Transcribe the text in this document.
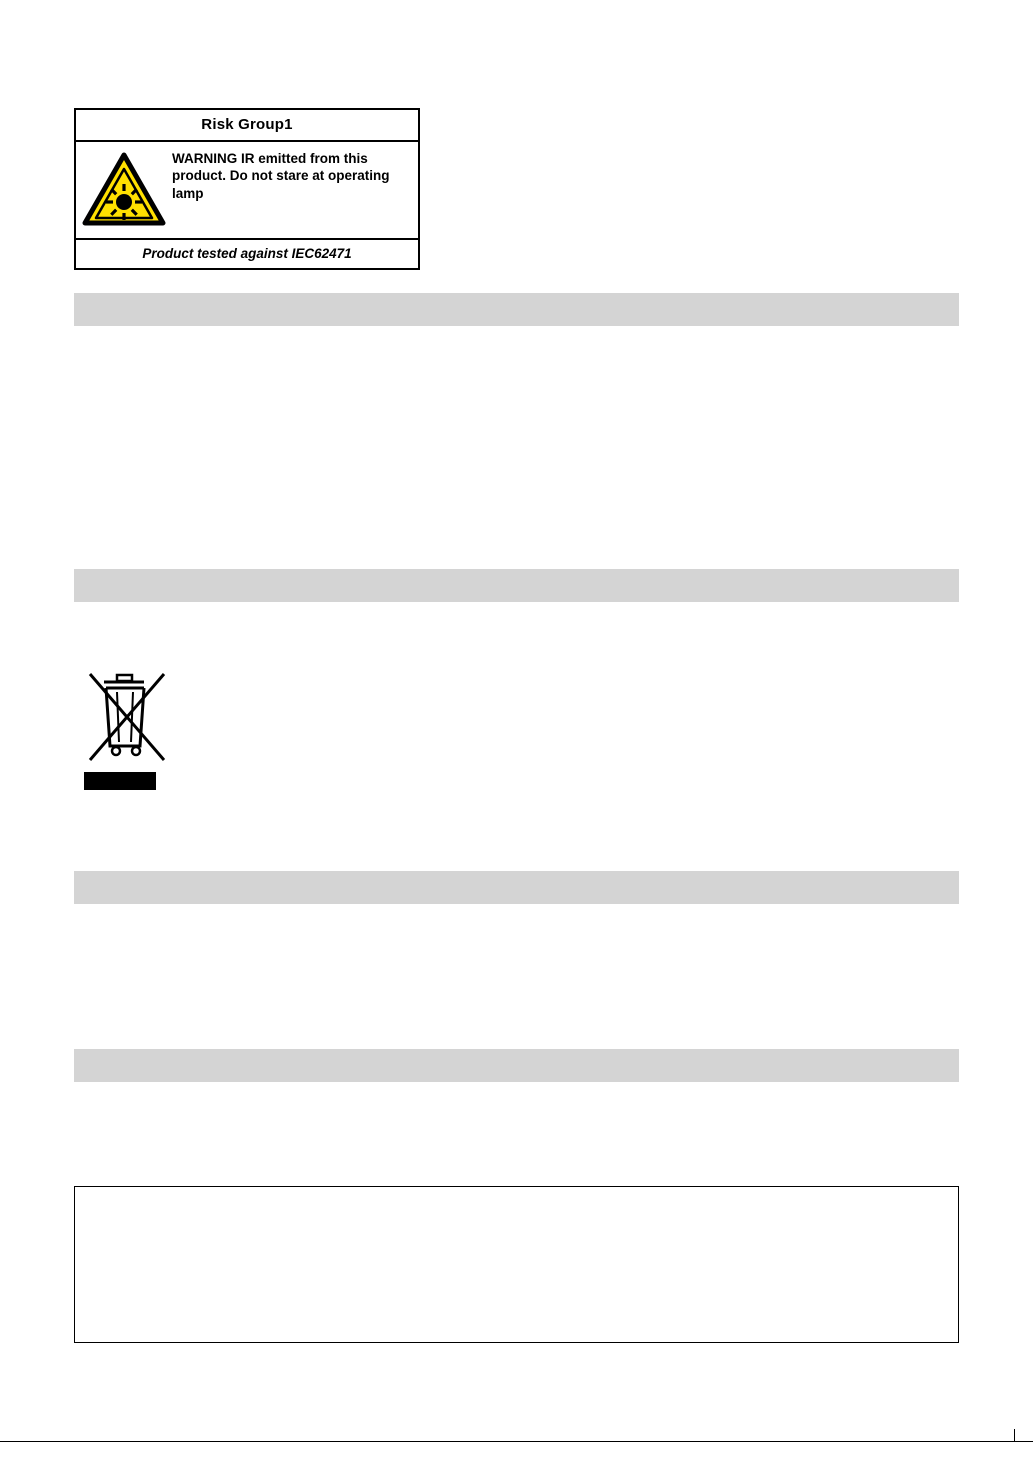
Risk Group1
WARNING IR emitted from this product. Do not stare at operating lamp
Product tested against IEC62471
